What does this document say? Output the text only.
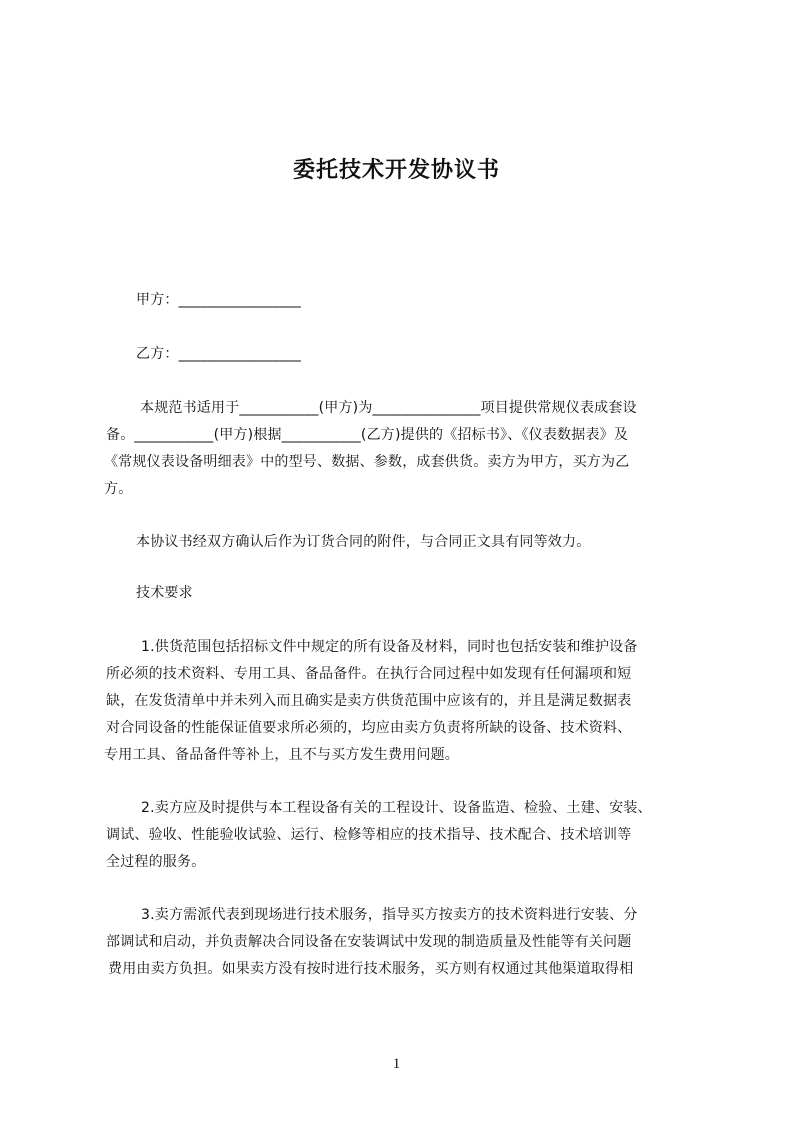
委托技术开发协议书
甲方：_________________
乙方：_________________
本规范书适用于___________(甲方)为_______________项目提供常规仪表成套设
备。___________(甲方)根据___________(乙方)提供的《招标书》、《仪表数据表》及
《常规仪表设备明细表》中的型号、数据、参数，成套供货。卖方为甲方，买方为乙
方。
本协议书经双方确认后作为订货合同的附件，与合同正文具有同等效力。
技术要求
1.供货范围包括招标文件中规定的所有设备及材料，同时也包括安装和维护设备
所必须的技术资料、专用工具、备品备件。在执行合同过程中如发现有任何漏项和短
缺，在发货清单中并未列入而且确实是卖方供货范围中应该有的，并且是满足数据表
对合同设备的性能保证值要求所必须的，均应由卖方负责将所缺的设备、技术资料、
专用工具、备品备件等补上，且不与买方发生费用问题。
2.卖方应及时提供与本工程设备有关的工程设计、设备监造、检验、土建、安装、
调试、验收、性能验收试验、运行、检修等相应的技术指导、技术配合、技术培训等
全过程的服务。
3.卖方需派代表到现场进行技术服务，指导买方按卖方的技术资料进行安装、分
部调试和启动，并负责解决合同设备在安装调试中发现的制造质量及性能等有关问题
费用由卖方负担。如果卖方没有按时进行技术服务，买方则有权通过其他渠道取得相
1
